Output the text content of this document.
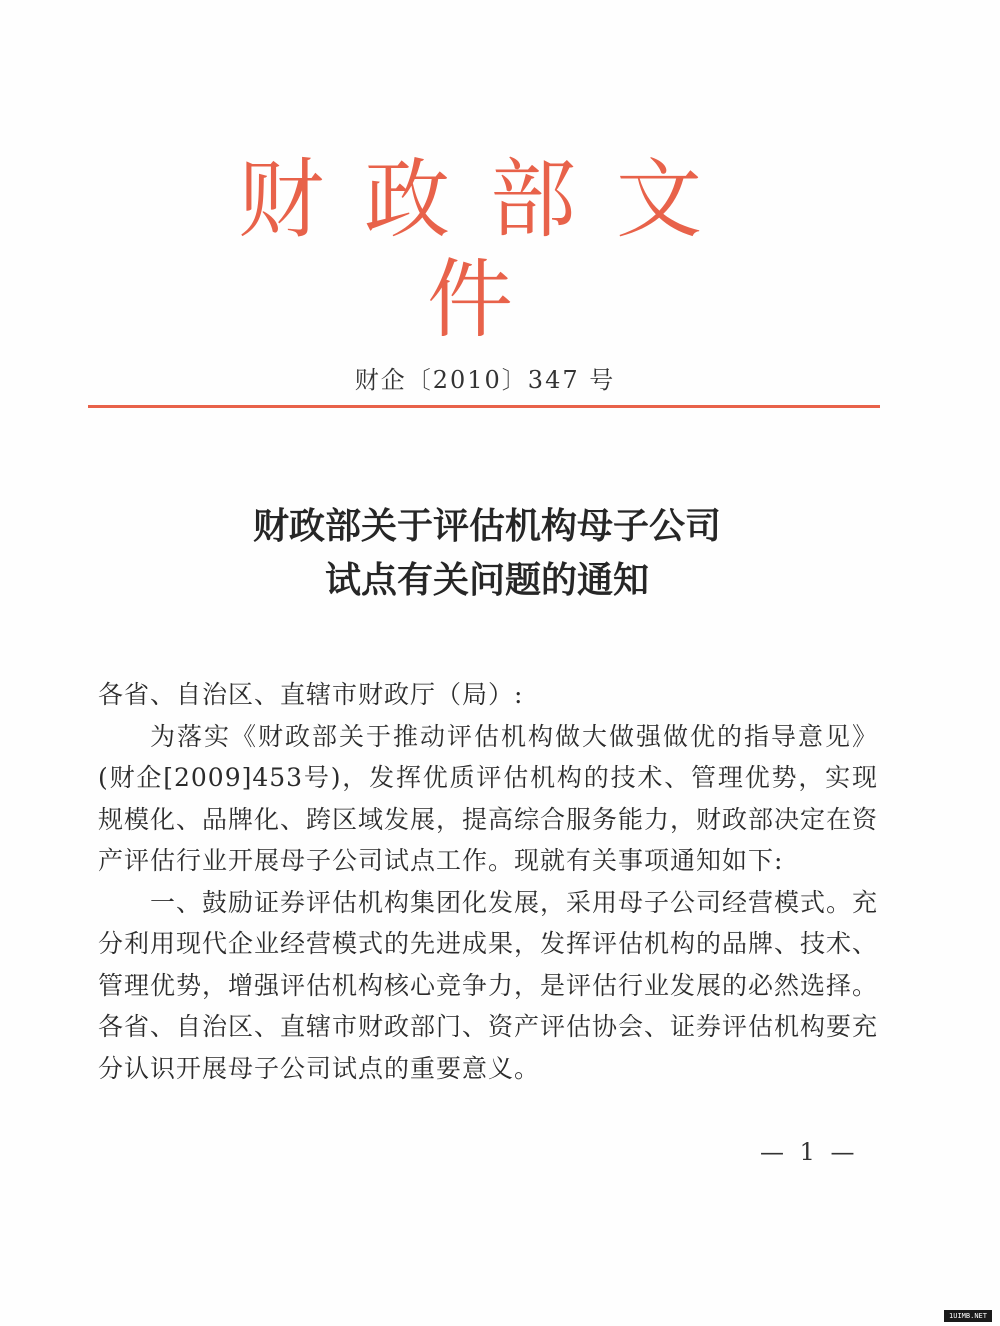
财政部文件
财企〔2010〕347 号
财政部关于评估机构母子公司
试点有关问题的通知

各省、自治区、直辖市财政厅（局）:

为落实《财政部关于推动评估机构做大做强做优的指导意见》(财企[2009]453号)，发挥优质评估机构的技术、管理优势，实现规模化、品牌化、跨区域发展，提高综合服务能力，财政部决定在资产评估行业开展母子公司试点工作。现就有关事项通知如下:

一、鼓励证券评估机构集团化发展，采用母子公司经营模式。充分利用现代企业经营模式的先进成果，发挥评估机构的品牌、技术、管理优势，增强评估机构核心竞争力，是评估行业发展的必然选择。各省、自治区、直辖市财政部门、资产评估协会、证券评估机构要充分认识开展母子公司试点的重要意义。

— 1 —
1UIMB.NET
